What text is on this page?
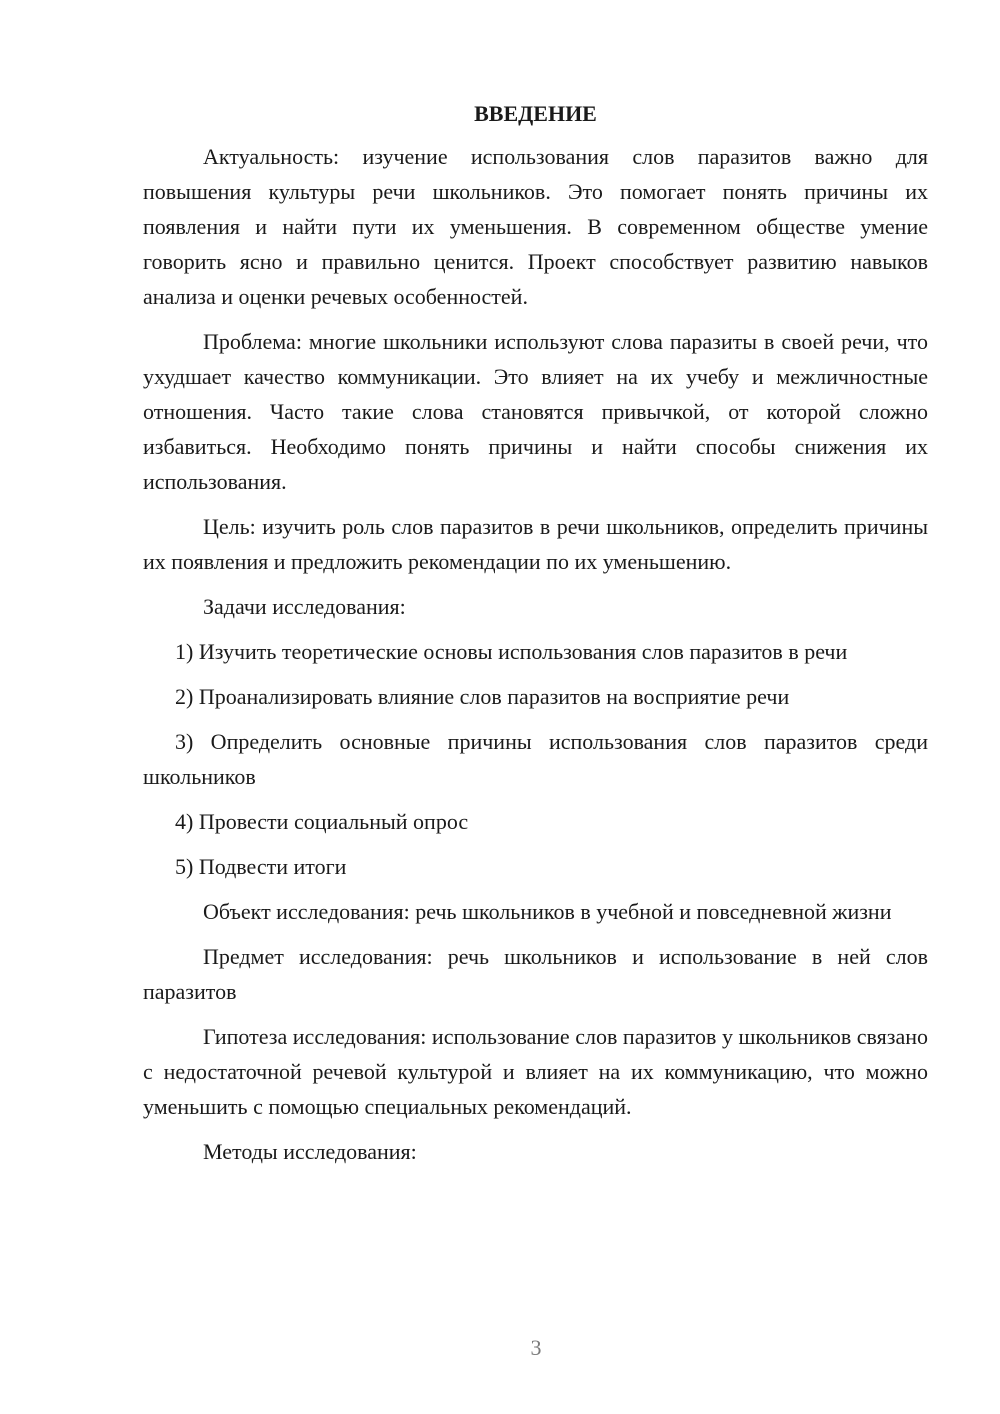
ВВЕДЕНИЕ

Актуальность: изучение использования слов паразитов важно для повышения культуры речи школьников. Это помогает понять причины их появления и найти пути их уменьшения. В современном обществе умение говорить ясно и правильно ценится. Проект способствует развитию навыков анализа и оценки речевых особенностей.

Проблема: многие школьники используют слова паразиты в своей речи, что ухудшает качество коммуникации. Это влияет на их учебу и межличностные отношения. Часто такие слова становятся привычкой, от которой сложно избавиться. Необходимо понять причины и найти способы снижения их использования.

Цель: изучить роль слов паразитов в речи школьников, определить причины их появления и предложить рекомендации по их уменьшению.

Задачи исследования:

1) Изучить теоретические основы использования слов паразитов в речи

2) Проанализировать влияние слов паразитов на восприятие речи

3) Определить основные причины использования слов паразитов среди школьников

4) Провести социальный опрос

5) Подвести итоги

Объект исследования: речь школьников в учебной и повседневной жизни

Предмет исследования: речь школьников и использование в ней слов паразитов

Гипотеза исследования: использование слов паразитов у школьников связано с недостаточной речевой культурой и влияет на их коммуникацию, что можно уменьшить с помощью специальных рекомендаций.

Методы исследования:

3
